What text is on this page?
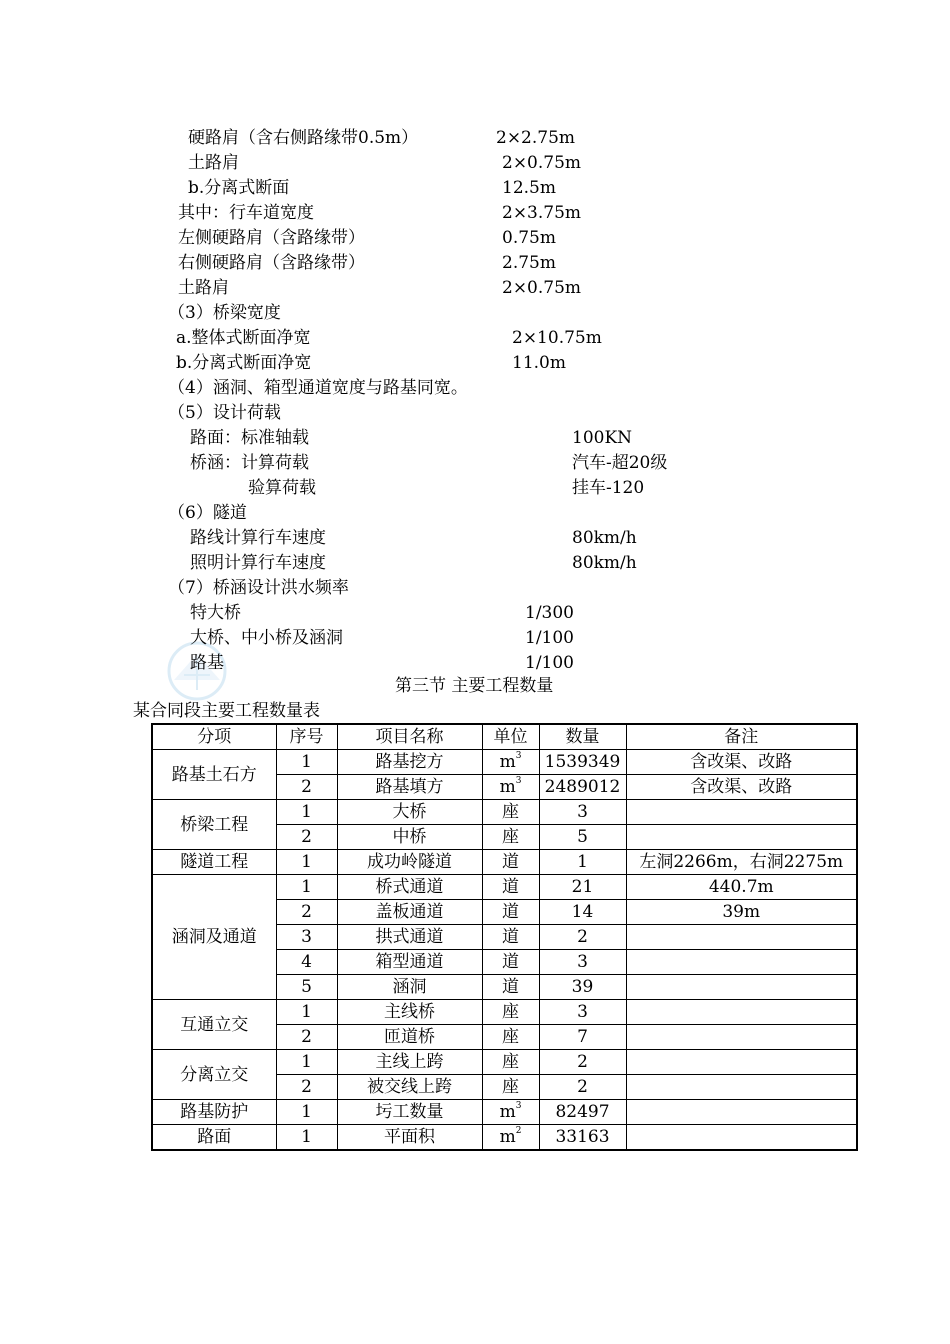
硬路肩（含右侧路缘带0.5m）	2×2.75m
土路肩	2×0.75m
b.分离式断面	12.5m
其中：行车道宽度	2×3.75m
左侧硬路肩（含路缘带）	0.75m
右侧硬路肩（含路缘带）	2.75m
土路肩	2×0.75m
（3）桥梁宽度
a.整体式断面净宽	2×10.75m
b.分离式断面净宽	11.0m
（4）涵洞、箱型通道宽度与路基同宽。
（5）设计荷载
路面：标准轴载	100KN
桥涵：计算荷载	汽车-超20级
验算荷载	挂车-120
（6）隧道
路线计算行车速度	80km/h
照明计算行车速度	80km/h
（7）桥涵设计洪水频率
特大桥	1/300
大桥、中小桥及涵洞	1/100
路基	1/100
第三节 主要工程数量
某合同段主要工程数量表
分项	序号	项目名称	单位	数量	备注
路基土石方	1	路基挖方	$m^3$	1539349	含改渠、改路
	2	路基填方	$m^3$	2489012	含改渠、改路
桥梁工程	1	大桥	座	3	
	2	中桥	座	5	
隧道工程	1	成功岭隧道	道	1	左洞2266m，右洞2275m
涵洞及通道	1	桥式通道	道	21	440.7m
	2	盖板通道	道	14	39m
	3	拱式通道	道	2	
	4	箱型通道	道	3	
	5	涵洞	道	39	
互通立交	1	主线桥	座	3	
	2	匝道桥	座	7	
分离立交	1	主线上跨	座	2	
	2	被交线上跨	座	2	
路基防护	1	圬工数量	$m^3$	82497	
路面	1	平面积	$m^2$	33163	
